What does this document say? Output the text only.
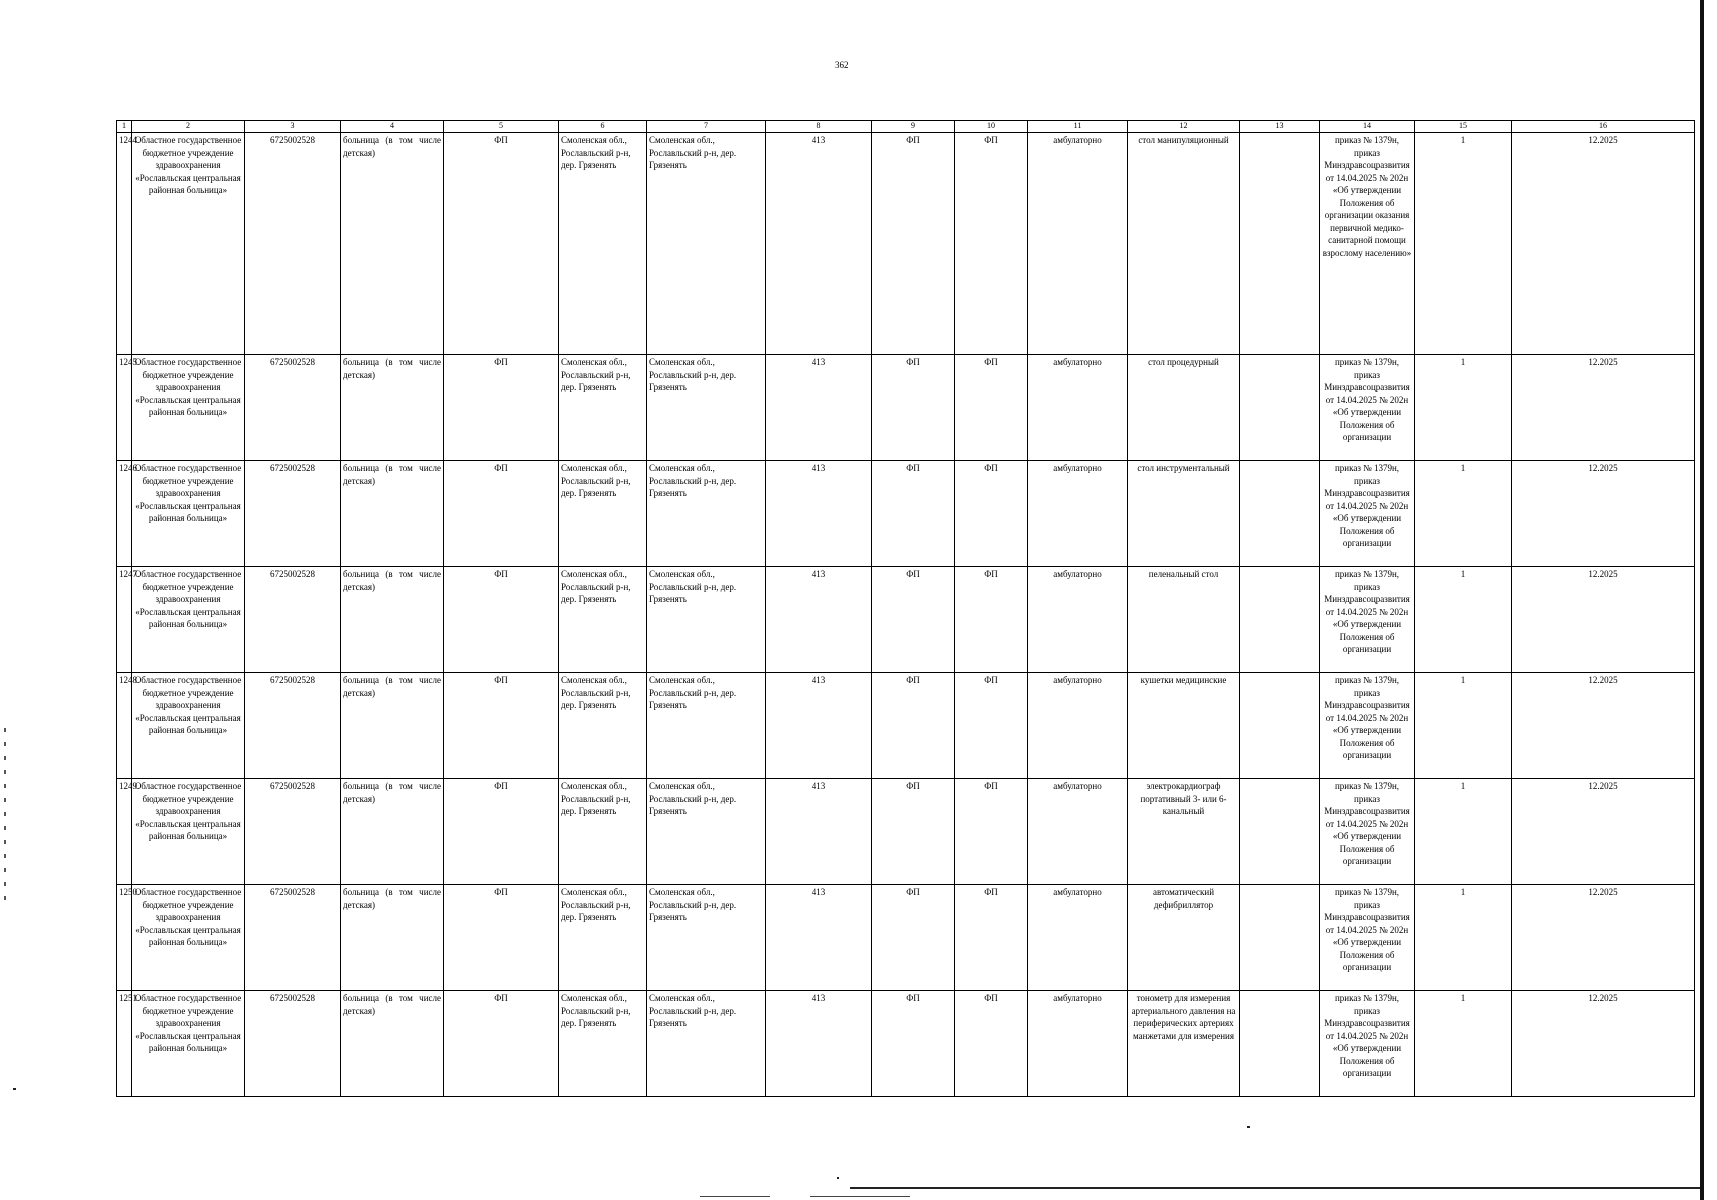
362
1	2	3	4	5	6	7	8	9	10	11	12	13	14	15	16
1244.	Областное государственное бюджетное учреждение здравоохранения «Рославльская центральная районная больница»	6725002528	больница (в том числе детская)	ФП	Смоленская обл., Рославльский р-н, дер. Грязенять	Смоленская обл., Рославльский р-н, дер. Грязенять	413	ФП	ФП	амбулаторно	стол манипуляционный		приказ № 1379н, приказ Минздравсоцразвития от 14.04.2025 № 202н «Об утверждении Положения об организации оказания первичной медико-санитарной помощи взрослому населению»	1	12.2025
1245.	Областное государственное бюджетное учреждение здравоохранения «Рославльская центральная районная больница»	6725002528	больница (в том числе детская)	ФП	Смоленская обл., Рославльский р-н, дер. Грязенять	Смоленская обл., Рославльский р-н, дер. Грязенять	413	ФП	ФП	амбулаторно	стол процедурный		приказ № 1379н, приказ Минздравсоцразвития от 14.04.2025 № 202н «Об утверждении Положения об организации	1	12.2025
1246.	Областное государственное бюджетное учреждение здравоохранения «Рославльская центральная районная больница»	6725002528	больница (в том числе детская)	ФП	Смоленская обл., Рославльский р-н, дер. Грязенять	Смоленская обл., Рославльский р-н, дер. Грязенять	413	ФП	ФП	амбулаторно	стол инструментальный		приказ № 1379н, приказ Минздравсоцразвития от 14.04.2025 № 202н «Об утверждении Положения об организации	1	12.2025
1247.	Областное государственное бюджетное учреждение здравоохранения «Рославльская центральная районная больница»	6725002528	больница (в том числе детская)	ФП	Смоленская обл., Рославльский р-н, дер. Грязенять	Смоленская обл., Рославльский р-н, дер. Грязенять	413	ФП	ФП	амбулаторно	пеленальный стол		приказ № 1379н, приказ Минздравсоцразвития от 14.04.2025 № 202н «Об утверждении Положения об организации	1	12.2025
1248.	Областное государственное бюджетное учреждение здравоохранения «Рославльская центральная районная больница»	6725002528	больница (в том числе детская)	ФП	Смоленская обл., Рославльский р-н, дер. Грязенять	Смоленская обл., Рославльский р-н, дер. Грязенять	413	ФП	ФП	амбулаторно	кушетки медицинские		приказ № 1379н, приказ Минздравсоцразвития от 14.04.2025 № 202н «Об утверждении Положения об организации	1	12.2025
1249.	Областное государственное бюджетное учреждение здравоохранения «Рославльская центральная районная больница»	6725002528	больница (в том числе детская)	ФП	Смоленская обл., Рославльский р-н, дер. Грязенять	Смоленская обл., Рославльский р-н, дер. Грязенять	413	ФП	ФП	амбулаторно	электрокардиограф портативный 3- или 6-канальный		приказ № 1379н, приказ Минздравсоцразвития от 14.04.2025 № 202н «Об утверждении Положения об организации	1	12.2025
1250.	Областное государственное бюджетное учреждение здравоохранения «Рославльская центральная районная больница»	6725002528	больница (в том числе детская)	ФП	Смоленская обл., Рославльский р-н, дер. Грязенять	Смоленская обл., Рославльский р-н, дер. Грязенять	413	ФП	ФП	амбулаторно	автоматический дефибриллятор		приказ № 1379н, приказ Минздравсоцразвития от 14.04.2025 № 202н «Об утверждении Положения об организации	1	12.2025
1251.	Областное государственное бюджетное учреждение здравоохранения «Рославльская центральная районная больница»	6725002528	больница (в том числе детская)	ФП	Смоленская обл., Рославльский р-н, дер. Грязенять	Смоленская обл., Рославльский р-н, дер. Грязенять	413	ФП	ФП	амбулаторно	тонометр для измерения артериального давления на периферических артериях манжетами для измерения		приказ № 1379н, приказ Минздравсоцразвития от 14.04.2025 № 202н «Об утверждении Положения об организации	1	12.2025
